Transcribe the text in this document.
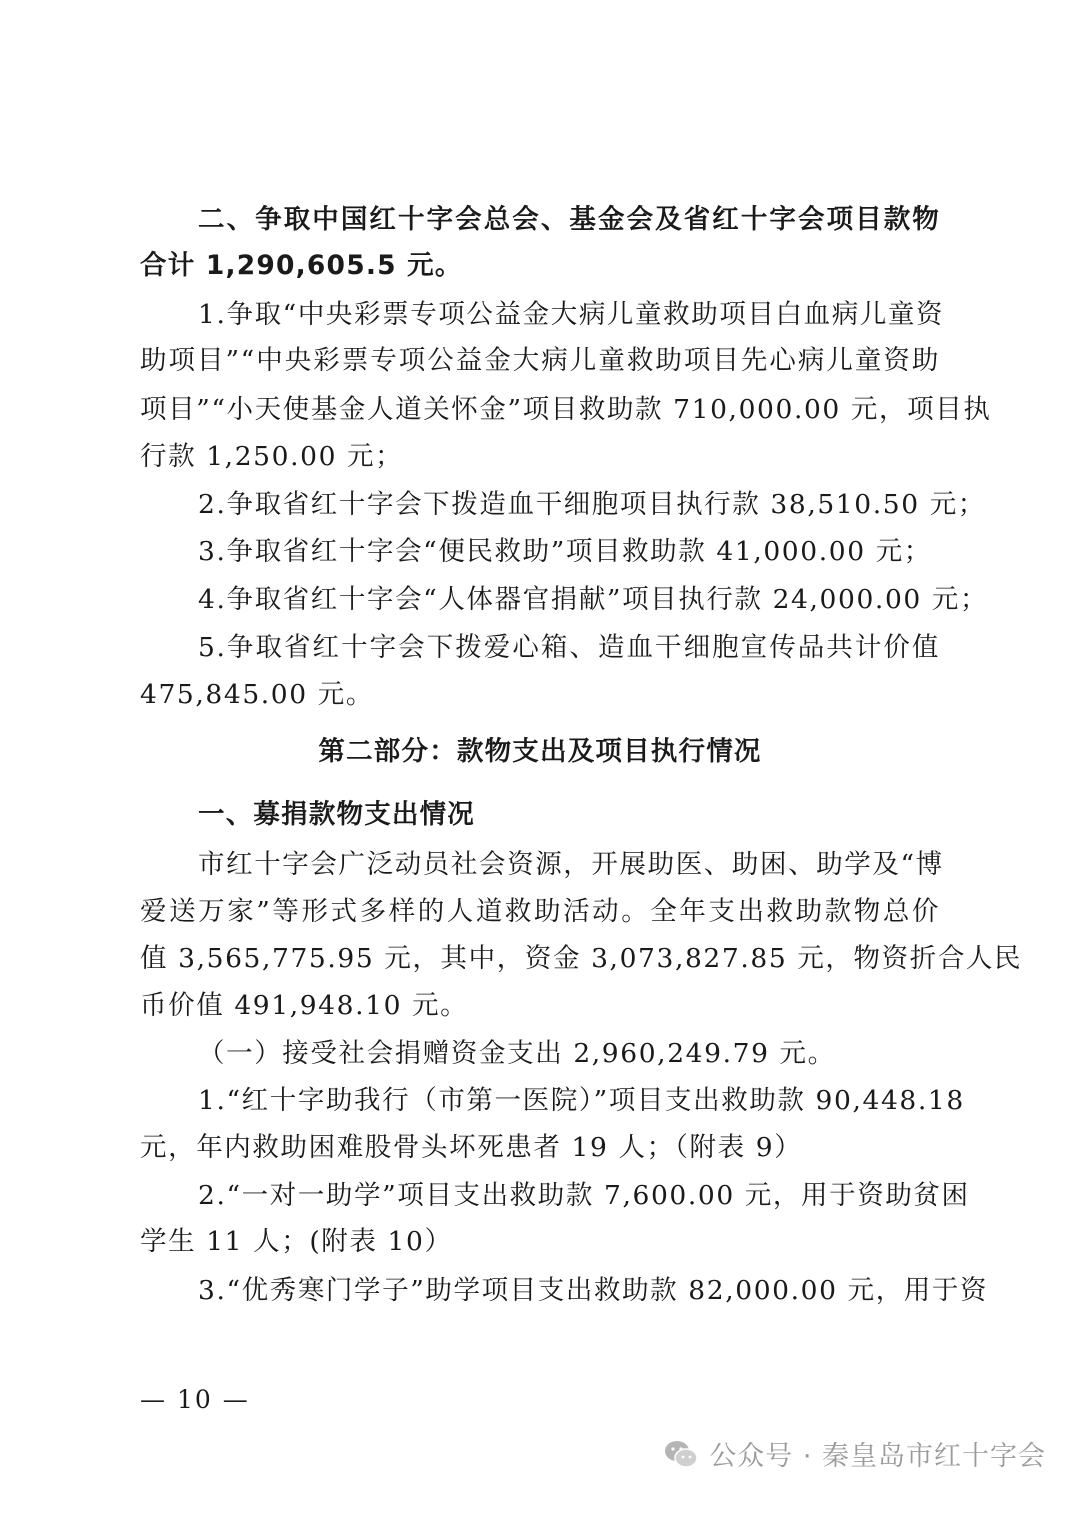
二、争取中国红十字会总会、基金会及省红十字会项目款物

合计 1,290,605.5 元。

1.争取“中央彩票专项公益金大病儿童救助项目白血病儿童资

助项目”“中央彩票专项公益金大病儿童救助项目先心病儿童资助

项目”“小天使基金人道关怀金”项目救助款 710,000.00 元，项目执

行款 1,250.00 元；

2.争取省红十字会下拨造血干细胞项目执行款 38,510.50 元；

3.争取省红十字会“便民救助”项目救助款 41,000.00 元；

4.争取省红十字会“人体器官捐献”项目执行款 24,000.00 元；

5.争取省红十字会下拨爱心箱、造血干细胞宣传品共计价值

475,845.00 元。

第二部分：款物支出及项目执行情况

一、募捐款物支出情况

市红十字会广泛动员社会资源，开展助医、助困、助学及“博

爱送万家”等形式多样的人道救助活动。全年支出救助款物总价

值 3,565,775.95 元，其中，资金 3,073,827.85 元，物资折合人民

币价值 491,948.10 元。

（一）接受社会捐赠资金支出 2,960,249.79 元。

1.“红十字助我行（市第一医院）”项目支出救助款 90,448.18

元，年内救助困难股骨头坏死患者 19 人；（附表 9）

2.“一对一助学”项目支出救助款 7,600.00 元，用于资助贫困

学生 11 人；(附表 10）

3.“优秀寒门学子”助学项目支出救助款 82,000.00 元，用于资

— 10 —
公众号 · 秦皇岛市红十字会
